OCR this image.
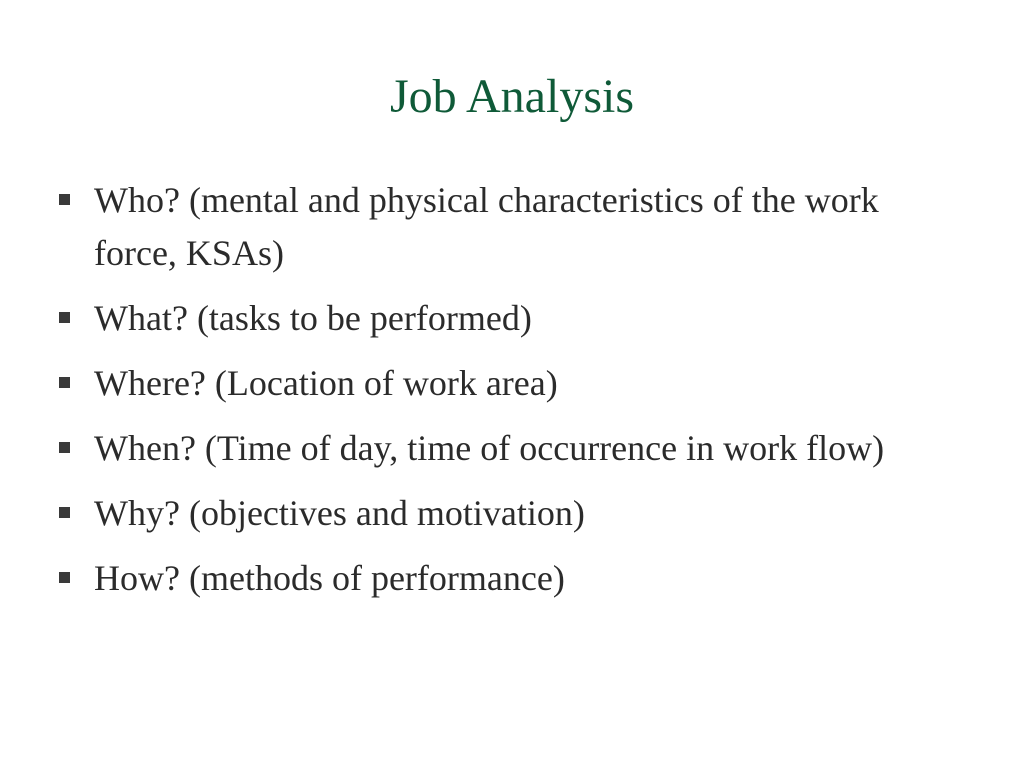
Job Analysis
Who? (mental and physical characteristics of the work force, KSAs)
What? (tasks to be performed)
Where? (Location of work area)
When? (Time of day, time of occurrence in work flow)
Why? (objectives and motivation)
How? (methods of performance)
